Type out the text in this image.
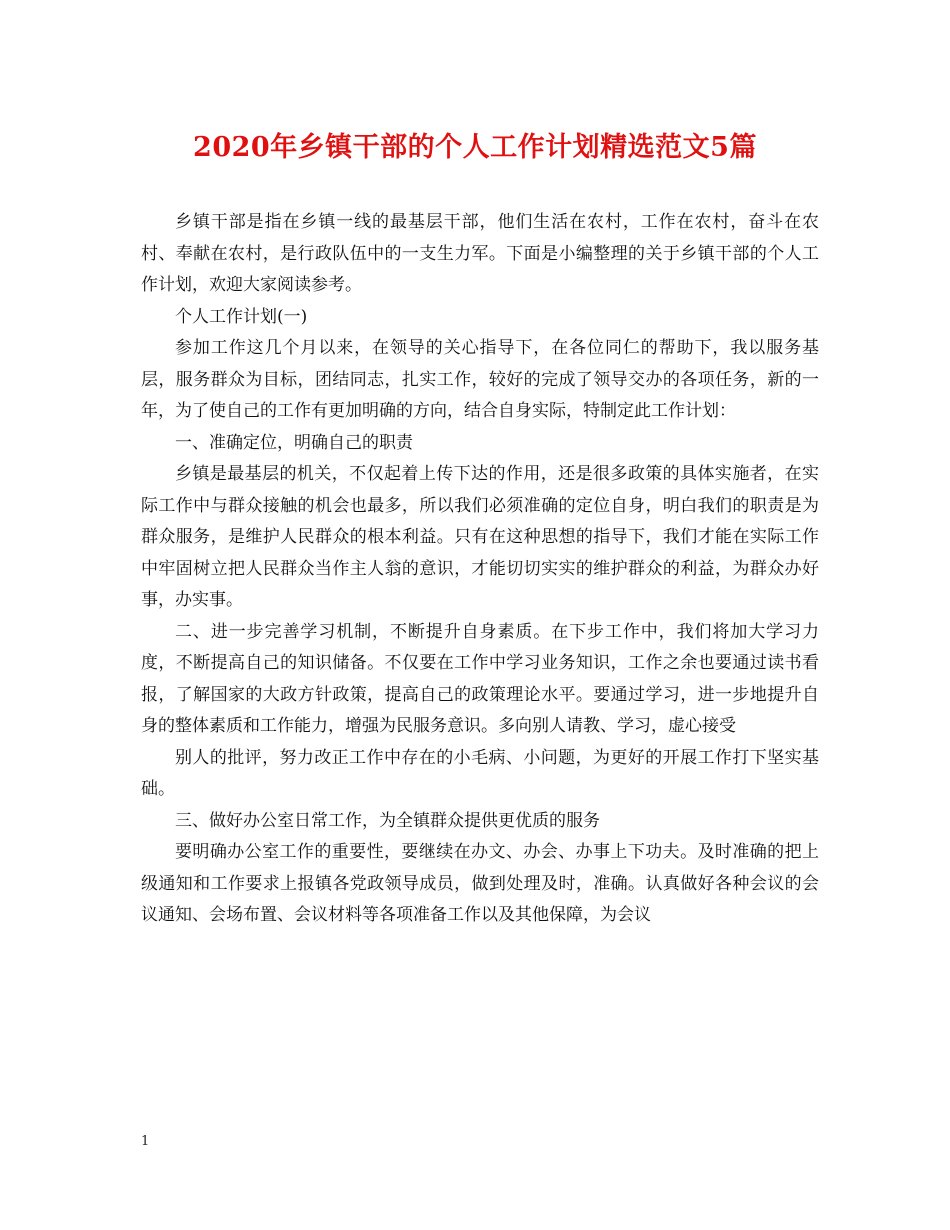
2020年乡镇干部的个人工作计划精选范文5篇

乡镇干部是指在乡镇一线的最基层干部，他们生活在农村，工作在农村，奋斗在农村、奉献在农村，是行政队伍中的一支生力军。下面是小编整理的关于乡镇干部的个人工作计划，欢迎大家阅读参考。

个人工作计划(一)

参加工作这几个月以来，在领导的关心指导下，在各位同仁的帮助下，我以服务基层，服务群众为目标，团结同志，扎实工作，较好的完成了领导交办的各项任务，新的一年，为了使自己的工作有更加明确的方向，结合自身实际，特制定此工作计划：

一、准确定位，明确自己的职责

乡镇是最基层的机关，不仅起着上传下达的作用，还是很多政策的具体实施者，在实际工作中与群众接触的机会也最多，所以我们必须准确的定位自身，明白我们的职责是为群众服务，是维护人民群众的根本利益。只有在这种思想的指导下，我们才能在实际工作中牢固树立把人民群众当作主人翁的意识，才能切切实实的维护群众的利益，为群众办好事，办实事。

二、进一步完善学习机制，不断提升自身素质。在下步工作中，我们将加大学习力度，不断提高自己的知识储备。不仅要在工作中学习业务知识，工作之余也要通过读书看报，了解国家的大政方针政策，提高自己的政策理论水平。要通过学习，进一步地提升自身的整体素质和工作能力，增强为民服务意识。多向别人请教、学习，虚心接受

别人的批评，努力改正工作中存在的小毛病、小问题，为更好的开展工作打下坚实基础。

三、做好办公室日常工作，为全镇群众提供更优质的服务

要明确办公室工作的重要性，要继续在办文、办会、办事上下功夫。及时准确的把上级通知和工作要求上报镇各党政领导成员，做到处理及时，准确。认真做好各种会议的会议通知、会场布置、会议材料等各项准备工作以及其他保障，为会议

1
